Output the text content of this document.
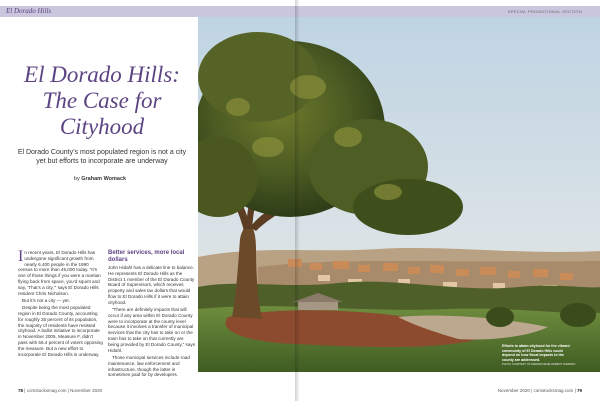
El Dorado Hills	SPECIAL PROMOTIONAL SECTION
El Dorado Hills:
The Case for
Cityhood
El Dorado County’s most populated region is not a city yet but efforts to incorporate are underway
by Graham Womack

In recent years, El Dorado Hills has undergone significant growth from nearly 6,400 people in the 1990 census to more than 45,000 today. “It’s one of those things if you were a martian flying back from space, you’d squint and say, ‘That’s a city,’” says El Dorado Hills resident Chris Nicholson.

But it’s not a city — yet.

Despite being the most populated region in El Dorado County, accounting for roughly 25 percent of its population, the majority of residents have resisted cityhood. A ballot initiative to incorporate in November 2005, Measure F, didn’t pass with 56.4 percent of voters opposing the measure. But a new effort to incorporate El Dorado Hills is underway.

Better services, more local dollars

John Hidahl has a delicate line to balance. He represents El Dorado Hills as the District 1 member of the El Dorado County Board of Supervisors, which receives property and sales tax dollars that would flow to El Dorado Hills if it were to attain cityhood.

“There are definitely impacts that will occur if any area within El Dorado County were to incorporate at the county level because it involves a transfer of municipal services that the city has to take on or the town has to take on that currently are being provided by El Dorado County,” says Hidahl.

Those municipal services include road maintenance, law enforcement and infrastructure, though the latter is sometimes paid for by developers.

Efforts to attain cityhood for the vibrant community of El Dorado Hills could depend on how fiscal impacts to the county are addressed.
PHOTO COURTESY OF PARKER DEVELOPMENT COMPANY
78 | comstocksmag.com | November 2020	November 2020 | comstocksmag.com | 79
